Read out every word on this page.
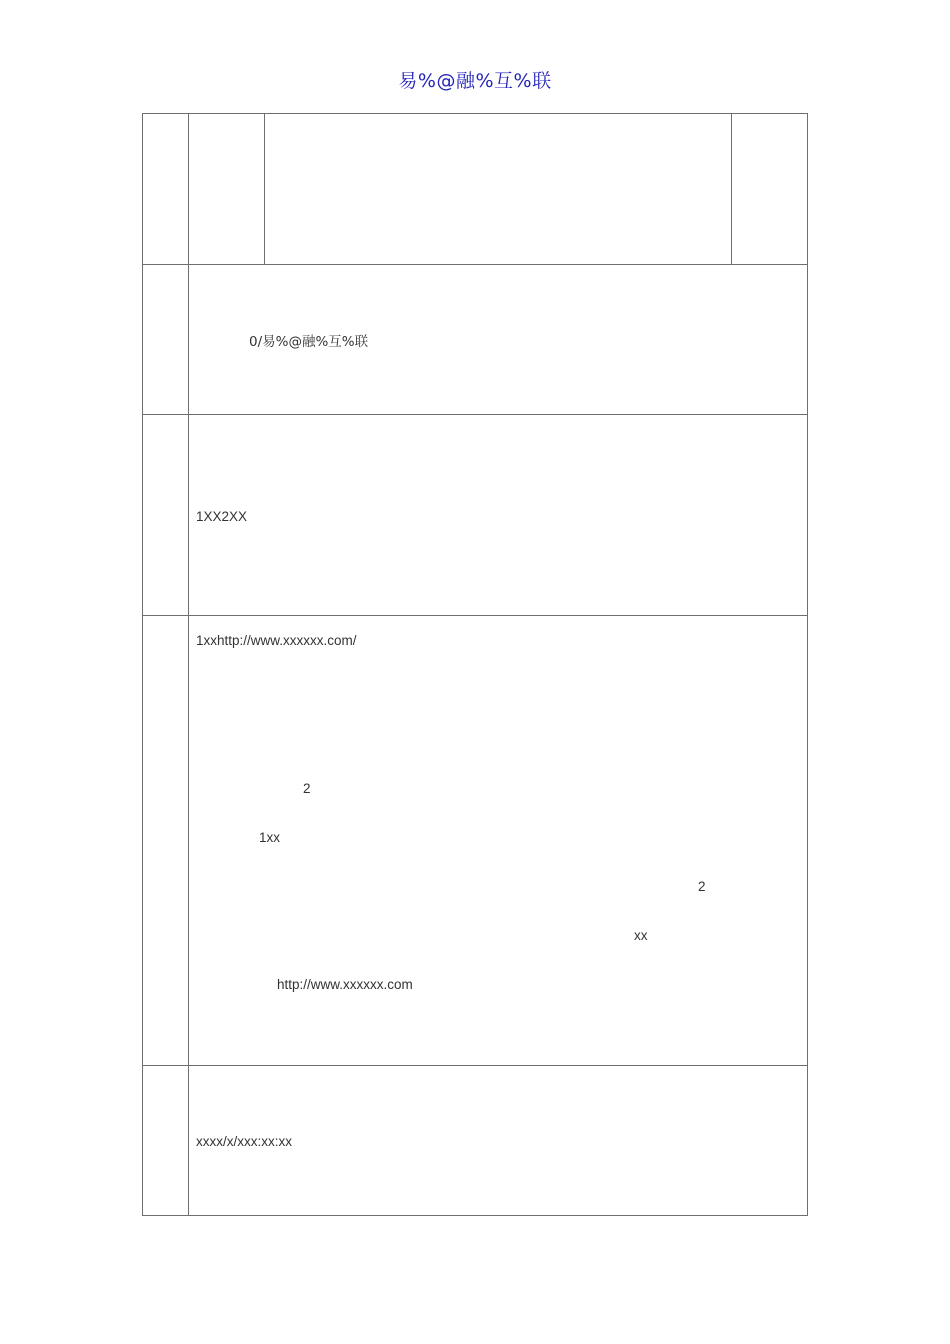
易%@融%互%联
0/易%@融%互%联
1XX2XX
1xxhttp://www.xxxxxx.com/
2
1xx
2
xx
http://www.xxxxxx.com
xxxx/x/xxx:xx:xx
